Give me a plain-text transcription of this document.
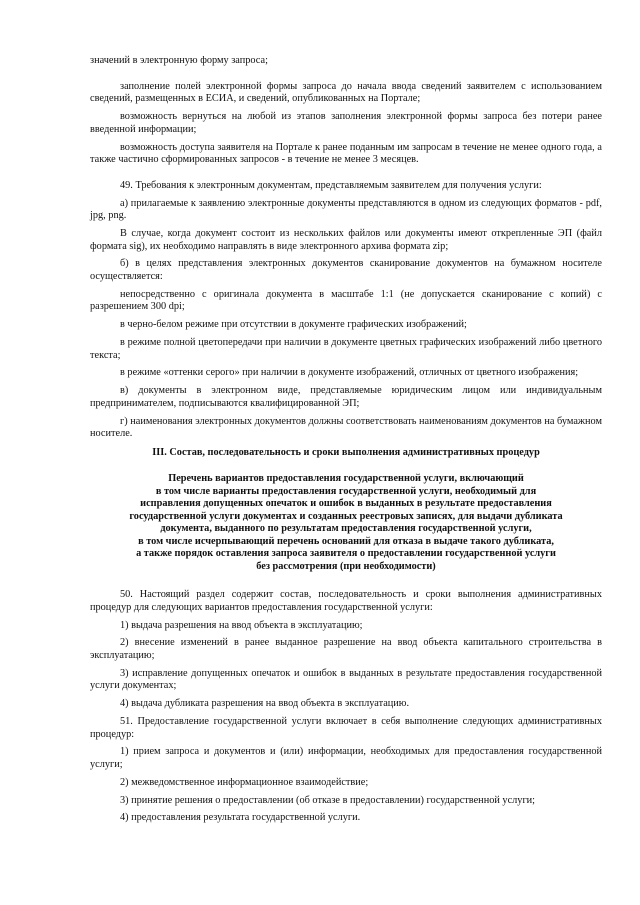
значений в электронную форму запроса;

заполнение полей электронной формы запроса до начала ввода сведений заявителем с использованием сведений, размещенных в ЕСИА, и сведений, опубликованных на Портале;

возможность вернуться на любой из этапов заполнения электронной формы запроса без потери ранее введенной информации;

возможность доступа заявителя на Портале к ранее поданным им запросам в течение не менее одного года, а также частично сформированных запросов - в течение не менее 3 месяцев.

49. Требования к электронным документам, представляемым заявителем для получения услуги:

а) прилагаемые к заявлению электронные документы представляются в одном из следующих форматов - pdf, jpg, png.

В случае, когда документ состоит из нескольких файлов или документы имеют открепленные ЭП (файл формата sig), их необходимо направлять в виде электронного архива формата zip;

б) в целях представления электронных документов сканирование документов на бумажном носителе осуществляется:

непосредственно с оригинала документа в масштабе 1:1 (не допускается сканирование с копий) с разрешением 300 dpi;

в черно-белом режиме при отсутствии в документе графических изображений;

в режиме полной цветопередачи при наличии в документе цветных графических изображений либо цветного текста;

в режиме «оттенки серого» при наличии в документе изображений, отличных от цветного изображения;

в) документы в электронном виде, представляемые юридическим лицом или индивидуальным предпринимателем, подписываются квалифицированной ЭП;

г) наименования электронных документов должны соответствовать наименованиям документов на бумажном носителе.

III. Состав, последовательность и сроки выполнения административных процедур
Перечень вариантов предоставления государственной услуги, включающий
в том числе варианты предоставления государственной услуги, необходимый для
исправления допущенных опечаток и ошибок в выданных в результате предоставления
государственной услуги документах и созданных реестровых записях, для выдачи дубликата
документа, выданного по результатам предоставления государственной услуги,
в том числе исчерпывающий перечень оснований для отказа в выдаче такого дубликата,
а также порядок оставления запроса заявителя о предоставлении государственной услуги
без рассмотрения (при необходимости)

50. Настоящий раздел содержит состав, последовательность и сроки выполнения административных процедур для следующих вариантов предоставления государственной услуги:

1) выдача разрешения на ввод объекта в эксплуатацию;

2) внесение изменений в ранее выданное разрешение на ввод объекта капитального строительства в эксплуатацию;

3) исправление допущенных опечаток и ошибок в выданных в результате предоставления государственной услуги документах;

4) выдача дубликата разрешения на ввод объекта в эксплуатацию.

51. Предоставление государственной услуги включает в себя выполнение следующих административных процедур:

1) прием запроса и документов и (или) информации, необходимых для предоставления государственной услуги;

2) межведомственное информационное взаимодействие;

3) принятие решения о предоставлении (об отказе в предоставлении) государственной услуги;

4) предоставления результата государственной услуги.
